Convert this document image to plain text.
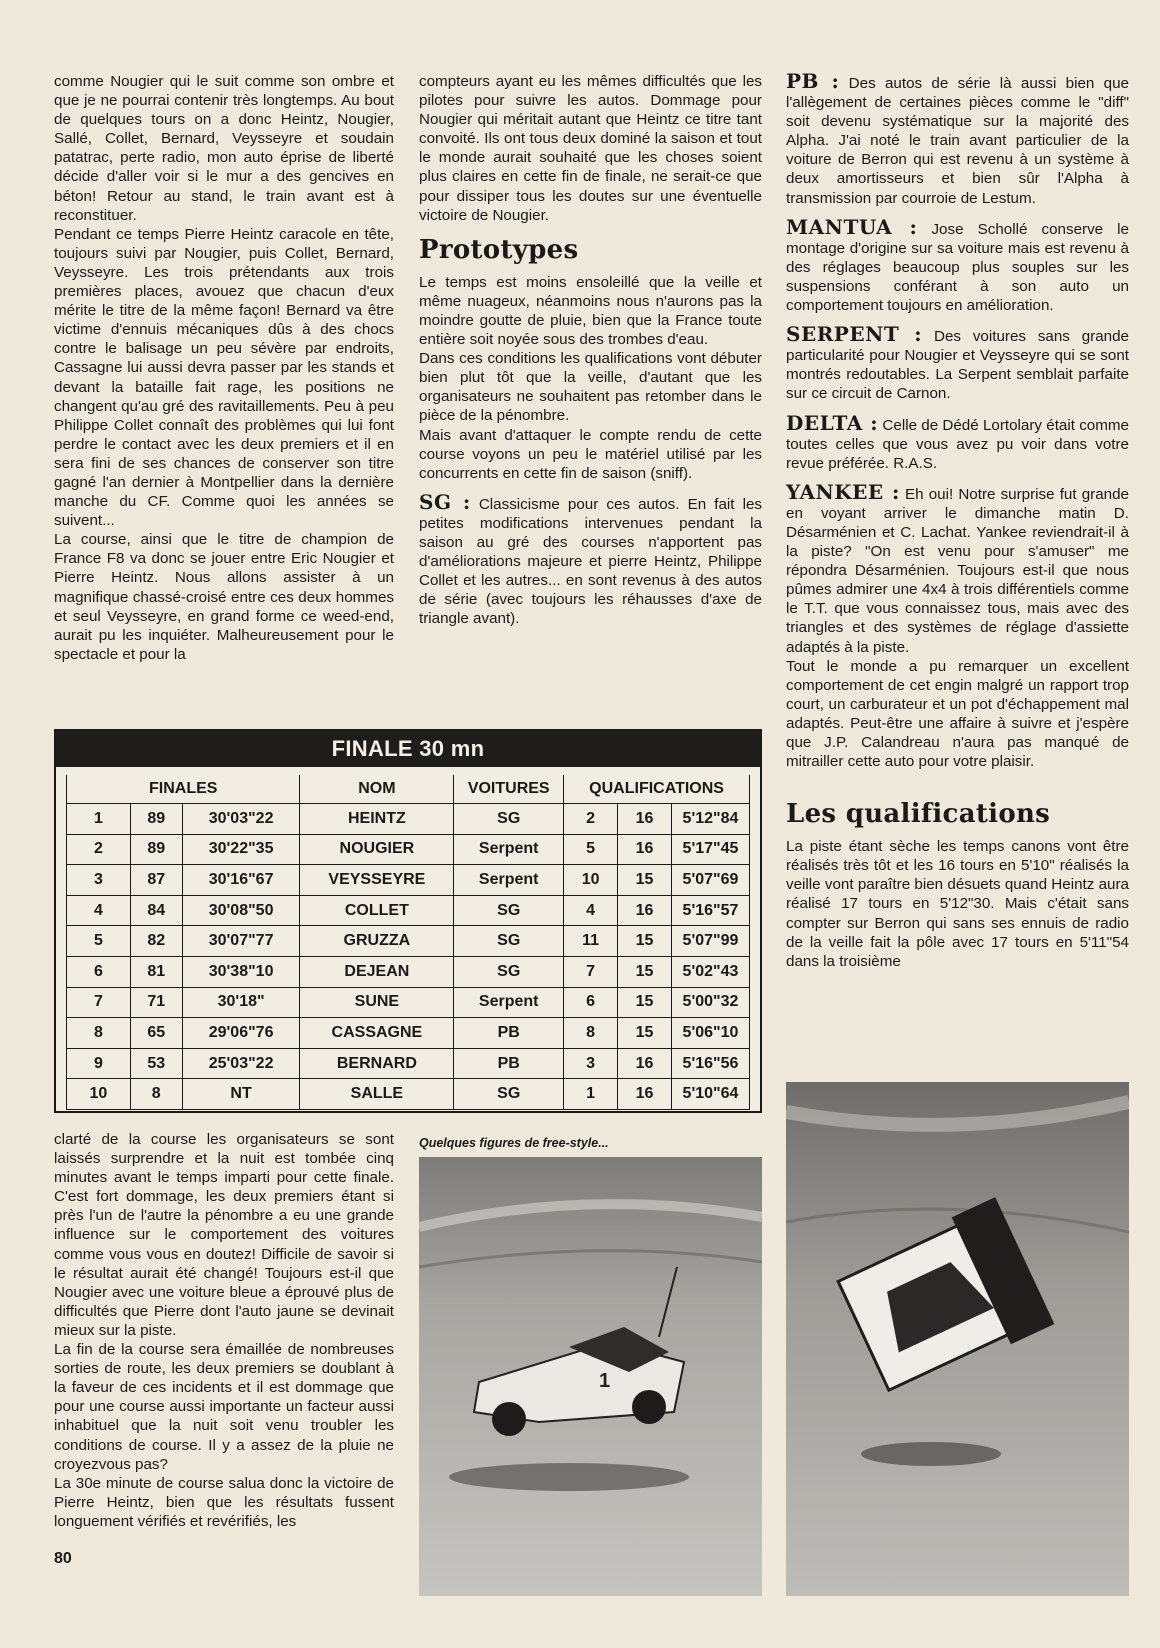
comme Nougier qui le suit comme son ombre et que je ne pourrai contenir très longtemps. Au bout de quelques tours on a donc Heintz, Nougier, Sallé, Collet, Bernard, Veysseyre et soudain patatrac, perte radio, mon auto éprise de liberté décide d'aller voir si le mur a des gencives en béton! Retour au stand, le train avant est à reconstituer.

Pendant ce temps Pierre Heintz caracole en tête, toujours suivi par Nougier, puis Collet, Bernard, Veysseyre. Les trois prétendants aux trois premières places, avouez que chacun d'eux mérite le titre de la même façon! Bernard va être victime d'ennuis mécaniques dûs à des chocs contre le balisage un peu sévère par endroits, Cassagne lui aussi devra passer par les stands et devant la bataille fait rage, les positions ne changent qu'au gré des ravitaillements. Peu à peu Philippe Collet connaît des problèmes qui lui font perdre le contact avec les deux premiers et il en sera fini de ses chances de conserver son titre gagné l'an dernier à Montpellier dans la dernière manche du CF. Comme quoi les années se suivent...

La course, ainsi que le titre de champion de France F8 va donc se jouer entre Eric Nougier et Pierre Heintz. Nous allons assister à un magnifique chassé-croisé entre ces deux hommes et seul Veysseyre, en grand forme ce weed-end, aurait pu les inquiéter. Malheureusement pour le spectacle et pour la

compteurs ayant eu les mêmes difficultés que les pilotes pour suivre les autos. Dommage pour Nougier qui méritait autant que Heintz ce titre tant convoité. Ils ont tous deux dominé la saison et tout le monde aurait souhaité que les choses soient plus claires en cette fin de finale, ne serait-ce que pour dissiper tous les doutes sur une éventuelle victoire de Nougier.

Prototypes

Le temps est moins ensoleillé que la veille et même nuageux, néanmoins nous n'aurons pas la moindre goutte de pluie, bien que la France toute entière soit noyée sous des trombes d'eau.

Dans ces conditions les qualifications vont débuter bien plut tôt que la veille, d'autant que les organisateurs ne souhaitent pas retomber dans le pièce de la pénombre.

Mais avant d'attaquer le compte rendu de cette course voyons un peu le matériel utilisé par les concurrents en cette fin de saison (sniff).

SG : Classicisme pour ces autos. En fait les petites modifications intervenues pendant la saison au gré des courses n'apportent pas d'améliorations majeure et pierre Heintz, Philippe Collet et les autres... en sont revenus à des autos de série (avec toujours les réhausses d'axe de triangle avant).

PB : Des autos de série là aussi bien que l'allègement de certaines pièces comme le "diff" soit devenu systématique sur la majorité des Alpha. J'ai noté le train avant particulier de la voiture de Berron qui est revenu à un système à deux amortisseurs et bien sûr l'Alpha à transmission par courroie de Lestum.

MANTUA : Jose Schollé conserve le montage d'origine sur sa voiture mais est revenu à des réglages beaucoup plus souples sur les suspensions conférant à son auto un comportement toujours en amélioration.

SERPENT : Des voitures sans grande particularité pour Nougier et Veysseyre qui se sont montrés redoutables. La Serpent semblait parfaite sur ce circuit de Carnon.

DELTA : Celle de Dédé Lortolary était comme toutes celles que vous avez pu voir dans votre revue préférée. R.A.S.

YANKEE : Eh oui! Notre surprise fut grande en voyant arriver le dimanche matin D. Désarménien et C. Lachat. Yankee reviendrait-il à la piste? "On est venu pour s'amuser" me répondra Désarménien. Toujours est-il que nous pûmes admirer une 4x4 à trois différentiels comme le T.T. que vous connaissez tous, mais avec des triangles et des systèmes de réglage d'assiette adaptés à la piste.

Tout le monde a pu remarquer un excellent comportement de cet engin malgré un rapport trop court, un carburateur et un pot d'échappement mal adaptés. Peut-être une affaire à suivre et j'espère que J.P. Calandreau n'aura pas manqué de mitrailler cette auto pour votre plaisir.

Les qualifications

La piste étant sèche les temps canons vont être réalisés très tôt et les 16 tours en 5'10" réalisés la veille vont paraître bien désuets quand Heintz aura réalisé 17 tours en 5'12"30. Mais c'était sans compter sur Berron qui sans ses ennuis de radio de la veille fait la pôle avec 17 tours en 5'11"54 dans la troisième

FINALE 30 mn
FINALES			NOM	VOITURES	QUALIFICATIONS		
1	89	30'03"22	HEINTZ	SG	2	16	5'12"84
2	89	30'22"35	NOUGIER	Serpent	5	16	5'17"45
3	87	30'16"67	VEYSSEYRE	Serpent	10	15	5'07"69
4	84	30'08"50	COLLET	SG	4	16	5'16"57
5	82	30'07"77	GRUZZA	SG	11	15	5'07"99
6	81	30'38"10	DEJEAN	SG	7	15	5'02"43
7	71	30'18"	SUNE	Serpent	6	15	5'00"32
8	65	29'06"76	CASSAGNE	PB	8	15	5'06"10
9	53	25'03"22	BERNARD	PB	3	16	5'16"56
10	8	NT	SALLE	SG	1	16	5'10"64
Quelques figures de free-style...
1

clarté de la course les organisateurs se sont laissés surprendre et la nuit est tombée cinq minutes avant le temps imparti pour cette finale. C'est fort dommage, les deux premiers étant si près l'un de l'autre la pénombre a eu une grande influence sur le comportement des voitures comme vous vous en doutez! Difficile de savoir si le résultat aurait été changé! Toujours est-il que Nougier avec une voiture bleue a éprouvé plus de difficultés que Pierre dont l'auto jaune se devinait mieux sur la piste.

La fin de la course sera émaillée de nombreuses sorties de route, les deux premiers se doublant à la faveur de ces incidents et il est dommage que pour une course aussi importante un facteur aussi inhabituel que la nuit soit venu troubler les conditions de course. Il y a assez de la pluie ne croyezvous pas?

La 30e minute de course salua donc la victoire de Pierre Heintz, bien que les résultats fussent longuement vérifiés et revérifiés, les

80
